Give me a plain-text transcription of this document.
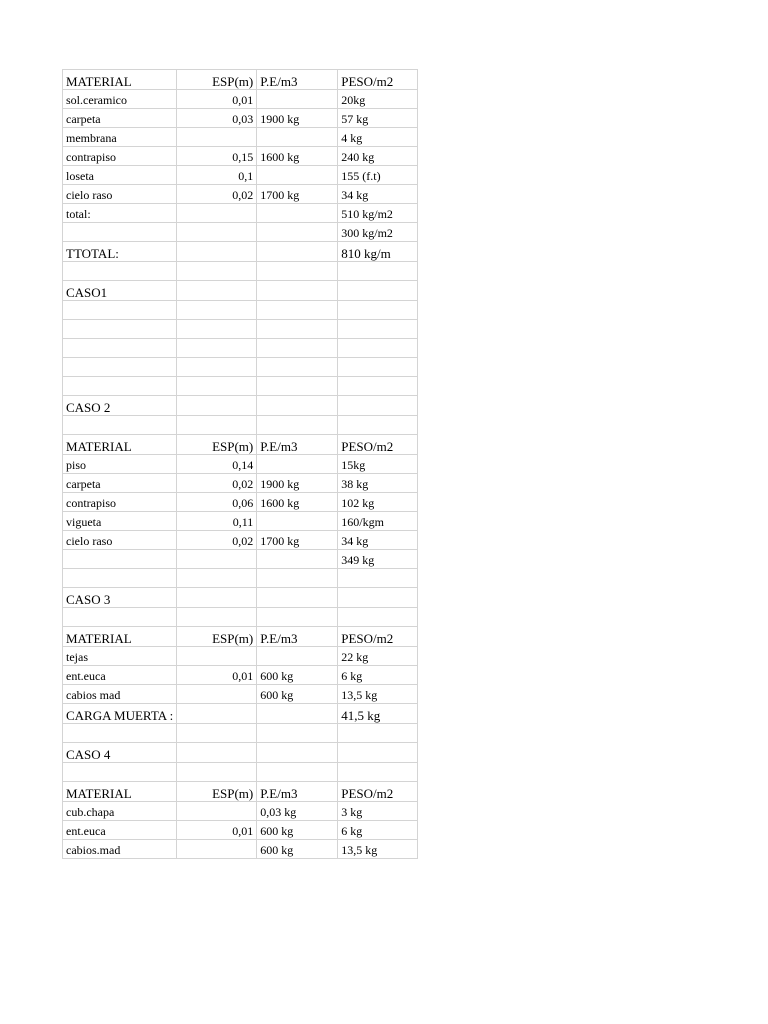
MATERIAL	ESP(m)	P.E/m3	PESO/m2
sol.ceramico	0,01		20kg
carpeta	0,03	1900 kg	57 kg
membrana			4 kg
contrapiso	0,15	1600 kg	240 kg
loseta	0,1		155 (f.t)
cielo raso	0,02	1700 kg	34 kg
total:			510 kg/m2
			300 kg/m2
TTOTAL:			810 kg/m

CASO1			

CASO 2			

MATERIAL	ESP(m)	P.E/m3	PESO/m2
piso	0,14		15kg
carpeta	0,02	1900 kg	38 kg
contrapiso	0,06	1600 kg	102 kg
vigueta	0,11		160/kgm
cielo raso	0,02	1700 kg	34 kg
			349 kg

CASO 3			

MATERIAL	ESP(m)	P.E/m3	PESO/m2
tejas			22 kg
ent.euca	0,01	600 kg	6 kg
cabios mad		600 kg	13,5 kg
CARGA MUERTA :			41,5 kg

CASO 4			

MATERIAL	ESP(m)	P.E/m3	PESO/m2
cub.chapa		0,03 kg	3 kg
ent.euca	0,01	600 kg	6 kg
cabios.mad		600 kg	13,5 kg
